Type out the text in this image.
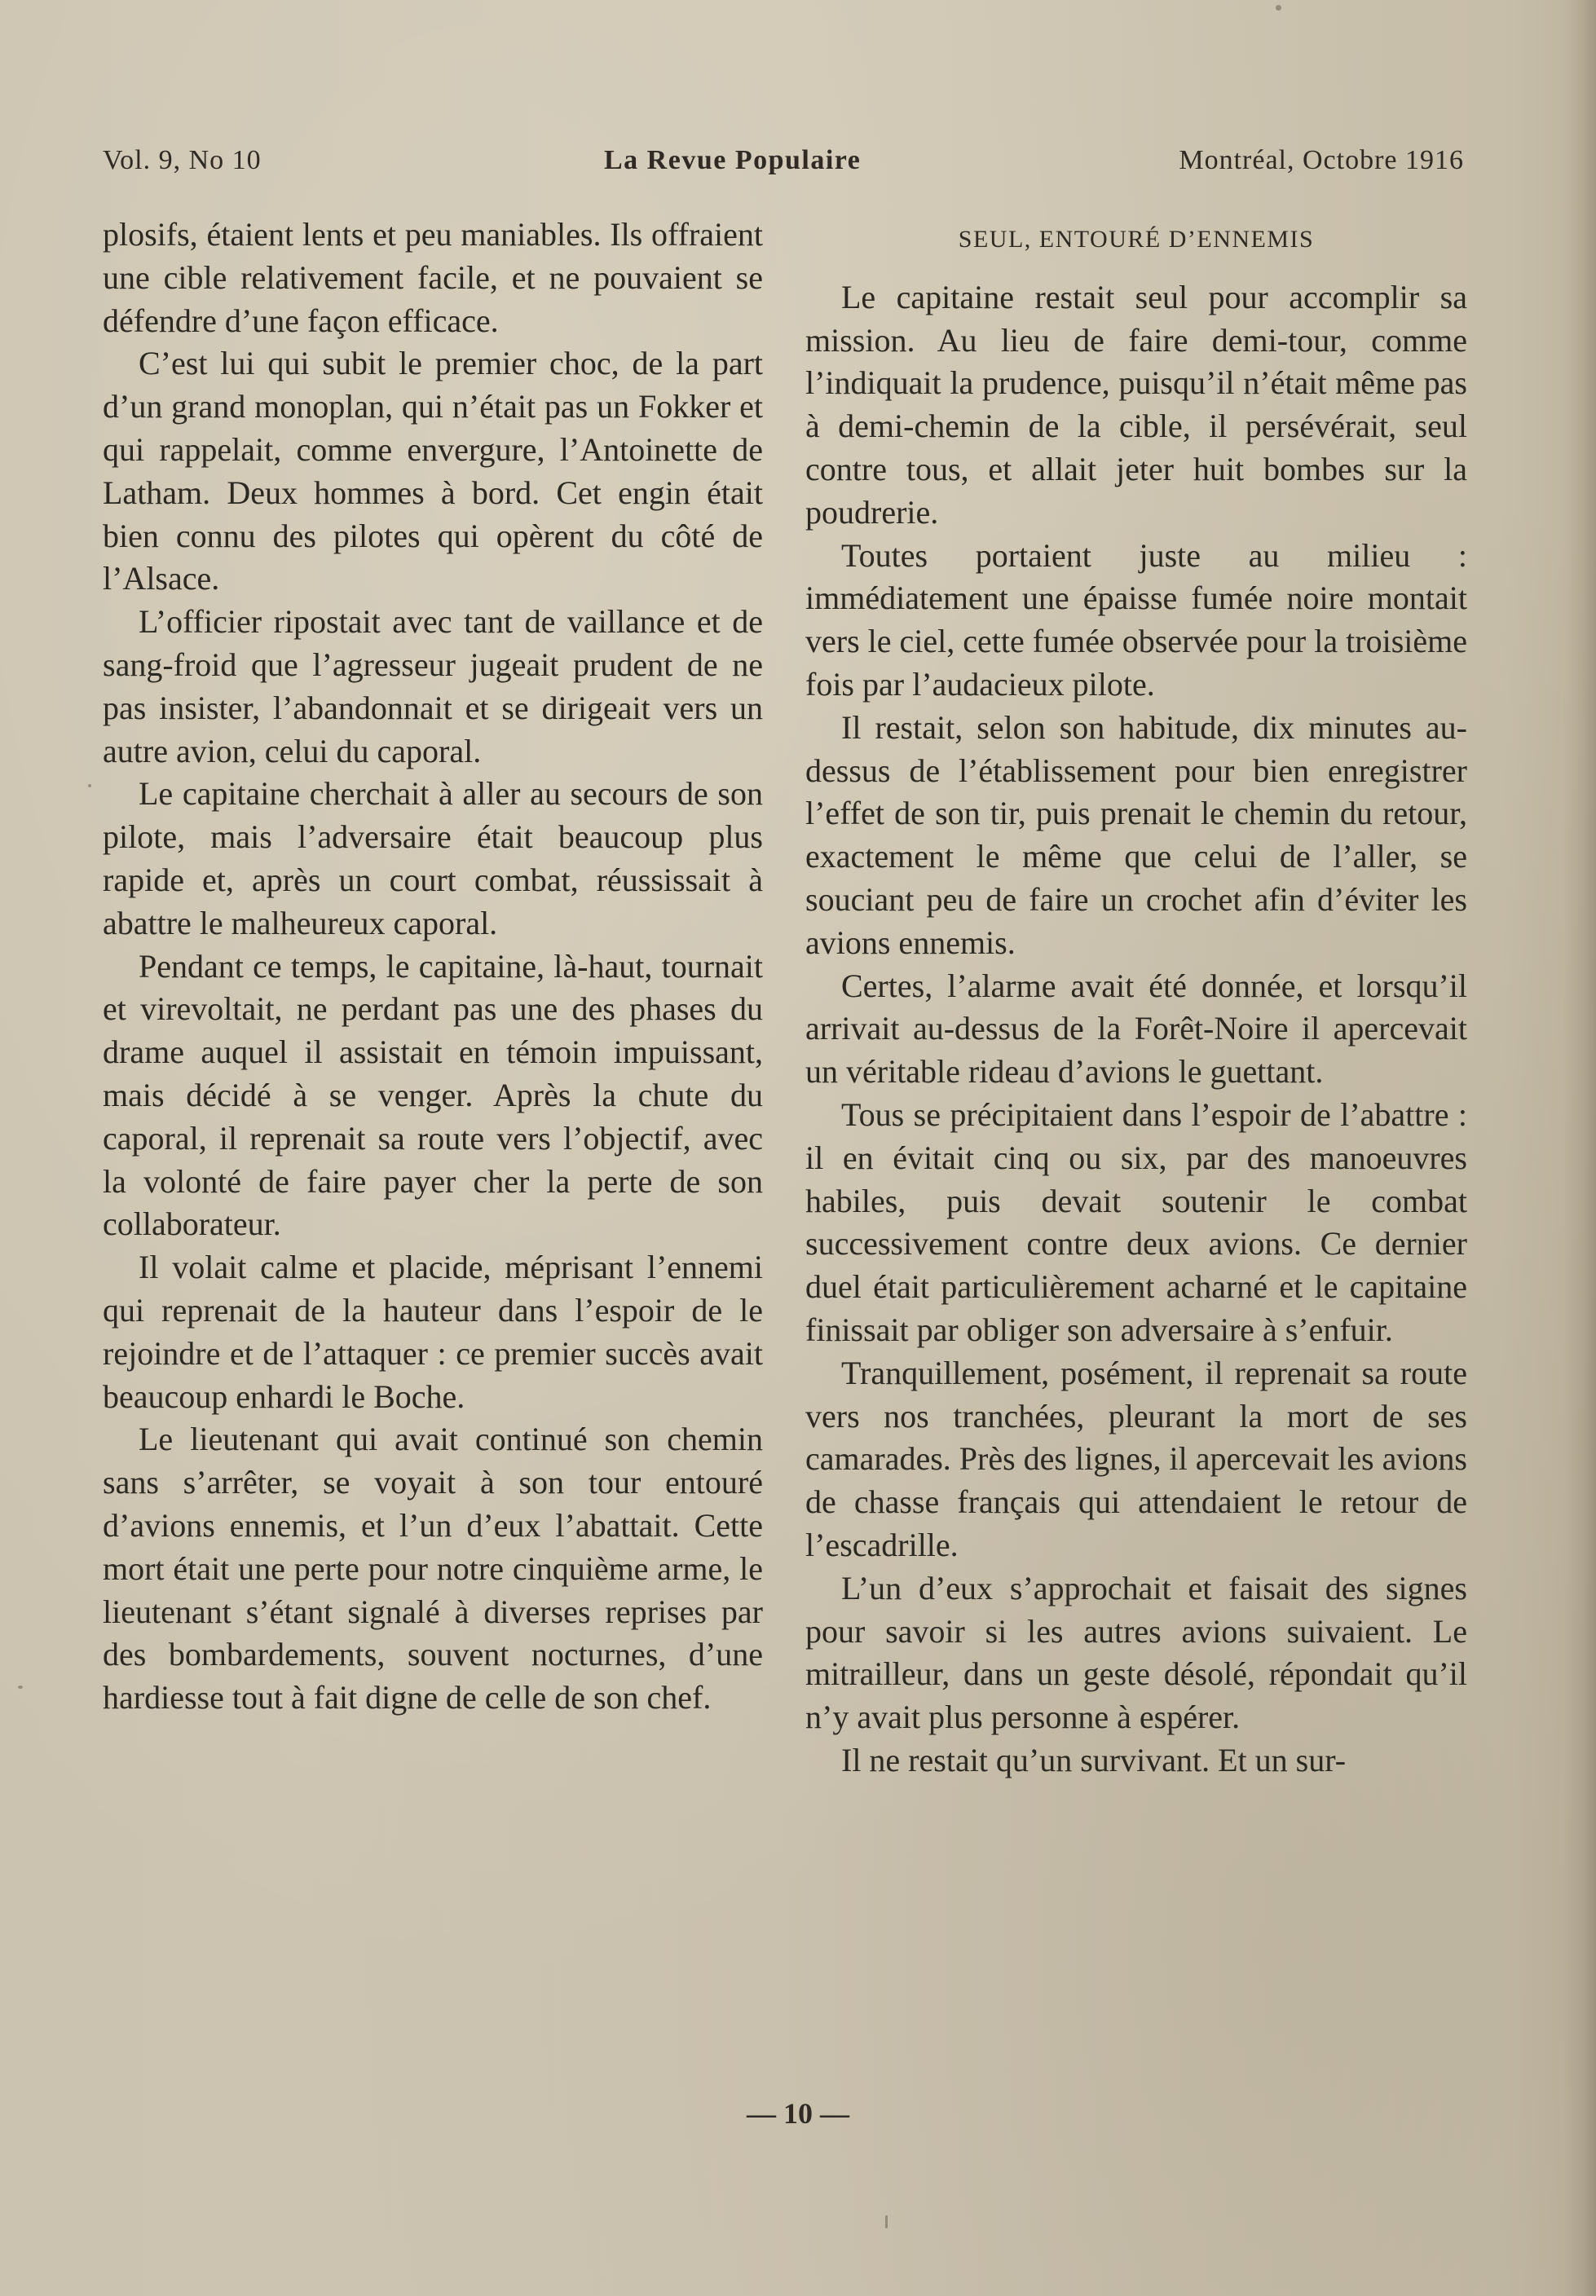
Vol. 9, No 10	La Revue Populaire	Montréal, Octobre 1916

plosifs, étaient lents et peu maniables. Ils offraient une cible relativement facile, et ne pouvaient se défendre d’une façon efficace.

C’est lui qui subit le premier choc, de la part d’un grand monoplan, qui n’était pas un Fokker et qui rappelait, comme envergure, l’Antoinette de Latham. Deux hommes à bord. Cet engin était bien connu des pilotes qui opèrent du côté de l’Alsace.

L’officier ripostait avec tant de vaillance et de sang-froid que l’agresseur jugeait prudent de ne pas insister, l’abandonnait et se dirigeait vers un autre avion, celui du caporal.

Le capitaine cherchait à aller au secours de son pilote, mais l’adversaire était beaucoup plus rapide et, après un court combat, réussissait à abattre le malheureux caporal.

Pendant ce temps, le capitaine, là-haut, tournait et virevoltait, ne perdant pas une des phases du drame auquel il assistait en témoin impuissant, mais décidé à se venger. Après la chute du caporal, il reprenait sa route vers l’objectif, avec la volonté de faire payer cher la perte de son collaborateur.

Il volait calme et placide, méprisant l’ennemi qui reprenait de la hauteur dans l’espoir de le rejoindre et de l’attaquer : ce premier succès avait beaucoup enhardi le Boche.

Le lieutenant qui avait continué son chemin sans s’arrêter, se voyait à son tour entouré d’avions ennemis, et l’un d’eux l’abattait. Cette mort était une perte pour notre cinquième arme, le lieutenant s’étant signalé à diverses reprises par des bombardements, souvent nocturnes, d’une hardiesse tout à fait digne de celle de son chef.

SEUL, ENTOURÉ D’ENNEMIS

Le capitaine restait seul pour accomplir sa mission. Au lieu de faire demi-tour, comme l’indiquait la prudence, puisqu’il n’était même pas à demi-chemin de la cible, il persévérait, seul contre tous, et allait jeter huit bombes sur la poudrerie.

Toutes portaient juste au milieu : immédiatement une épaisse fumée noire montait vers le ciel, cette fumée observée pour la troisième fois par l’audacieux pilote.

Il restait, selon son habitude, dix minutes au-dessus de l’établissement pour bien enregistrer l’effet de son tir, puis prenait le chemin du retour, exactement le même que celui de l’aller, se souciant peu de faire un crochet afin d’éviter les avions ennemis.

Certes, l’alarme avait été donnée, et lorsqu’il arrivait au-dessus de la Forêt-Noire il apercevait un véritable rideau d’avions le guettant.

Tous se précipitaient dans l’espoir de l’abattre : il en évitait cinq ou six, par des manoeuvres habiles, puis devait soutenir le combat successivement contre deux avions. Ce dernier duel était particulièrement acharné et le capitaine finissait par obliger son adversaire à s’enfuir.

Tranquillement, posément, il reprenait sa route vers nos tranchées, pleurant la mort de ses camarades. Près des lignes, il apercevait les avions de chasse français qui attendaient le retour de l’escadrille.

L’un d’eux s’approchait et faisait des signes pour savoir si les autres avions suivaient. Le mitrailleur, dans un geste désolé, répondait qu’il n’y avait plus personne à espérer.

Il ne restait qu’un survivant. Et un sur-

— 10 —
